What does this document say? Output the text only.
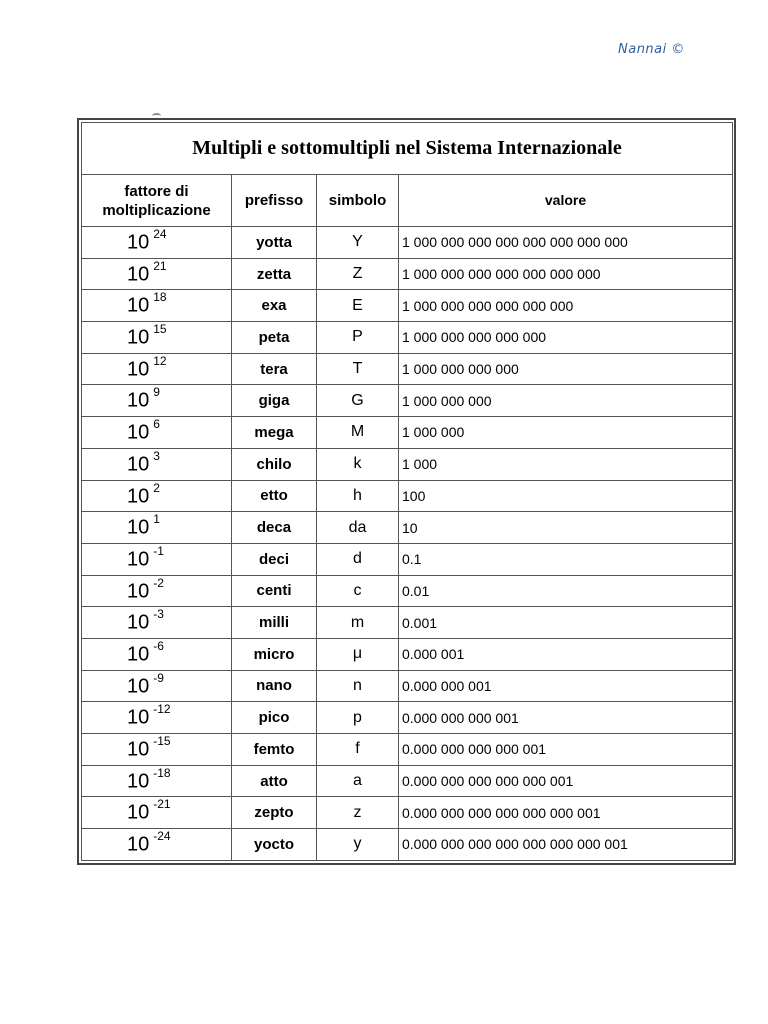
Nannai ©
Multipli e sottomultipli nel Sistema Internazionale			
fattore di
moltiplicazione	prefisso	simbolo	valore
10 $^{24}$	yotta	Y	1 000 000 000 000 000 000 000 000
10 $^{21}$	zetta	Z	1 000 000 000 000 000 000 000
10 $^{18}$	exa	E	1 000 000 000 000 000 000
10 $^{15}$	peta	P	1 000 000 000 000 000
10 $^{12}$	tera	T	1 000 000 000 000
10 $^9$	giga	G	1 000 000 000
10 $^6$	mega	M	1 000 000
10 $^3$	chilo	k	1 000
10 $^2$	etto	h	100
10 $^1$	deca	da	10
10 $^{-1}$	deci	d	0.1
10 $^{-2}$	centi	c	0.01
10 $^{-3}$	milli	m	0.001
10 $^{-6}$	micro	μ	0.000 001
10 $^{-9}$	nano	n	0.000 000 001
10 $^{-12}$	pico	p	0.000 000 000 001
10 $^{-15}$	femto	f	0.000 000 000 000 001
10 $^{-18}$	atto	a	0.000 000 000 000 000 001
10 $^{-21}$	zepto	z	0.000 000 000 000 000 000 001
10 $^{-24}$	yocto	y	0.000 000 000 000 000 000 000 001
